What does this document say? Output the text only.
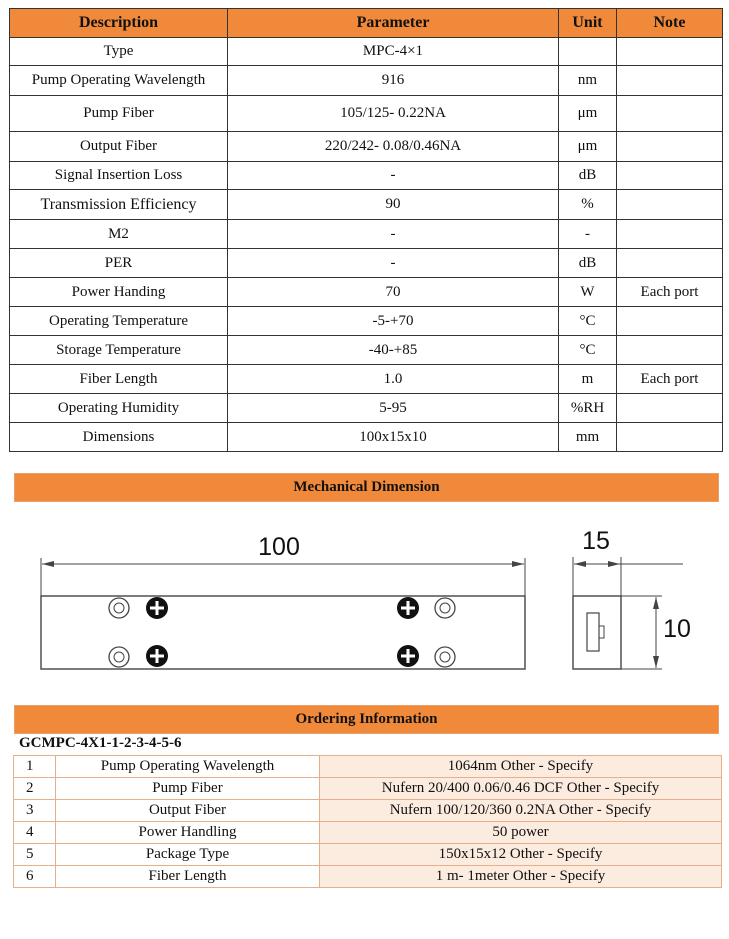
Description	Parameter	Unit	Note
Type	MPC-4×1		
Pump Operating Wavelength	916	nm	
Pump Fiber	105/125- 0.22NA	μm	
Output Fiber	220/242- 0.08/0.46NA	μm	
Signal Insertion Loss	-	dB	
Transmission Efficiency	90	%	
M2	-	-	
PER	-	dB	
Power Handing	70	W	Each port
Operating Temperature	-5-+70	°C	
Storage Temperature	-40-+85	°C	
Fiber Length	1.0	m	Each port
Operating Humidity	5-95	%RH	
Dimensions	100x15x10	mm	
Mechanical Dimension
100	15
10
Ordering Information
GCMPC-4X1-1-2-3-4-5-6
1	Pump Operating Wavelength	1064nm Other - Specify
2	Pump Fiber	Nufern 20/400 0.06/0.46 DCF Other - Specify
3	Output Fiber	Nufern 100/120/360 0.2NA Other - Specify
4	Power Handling	50 power
5	Package Type	150x15x12 Other - Specify
6	Fiber Length	1 m- 1meter Other - Specify
